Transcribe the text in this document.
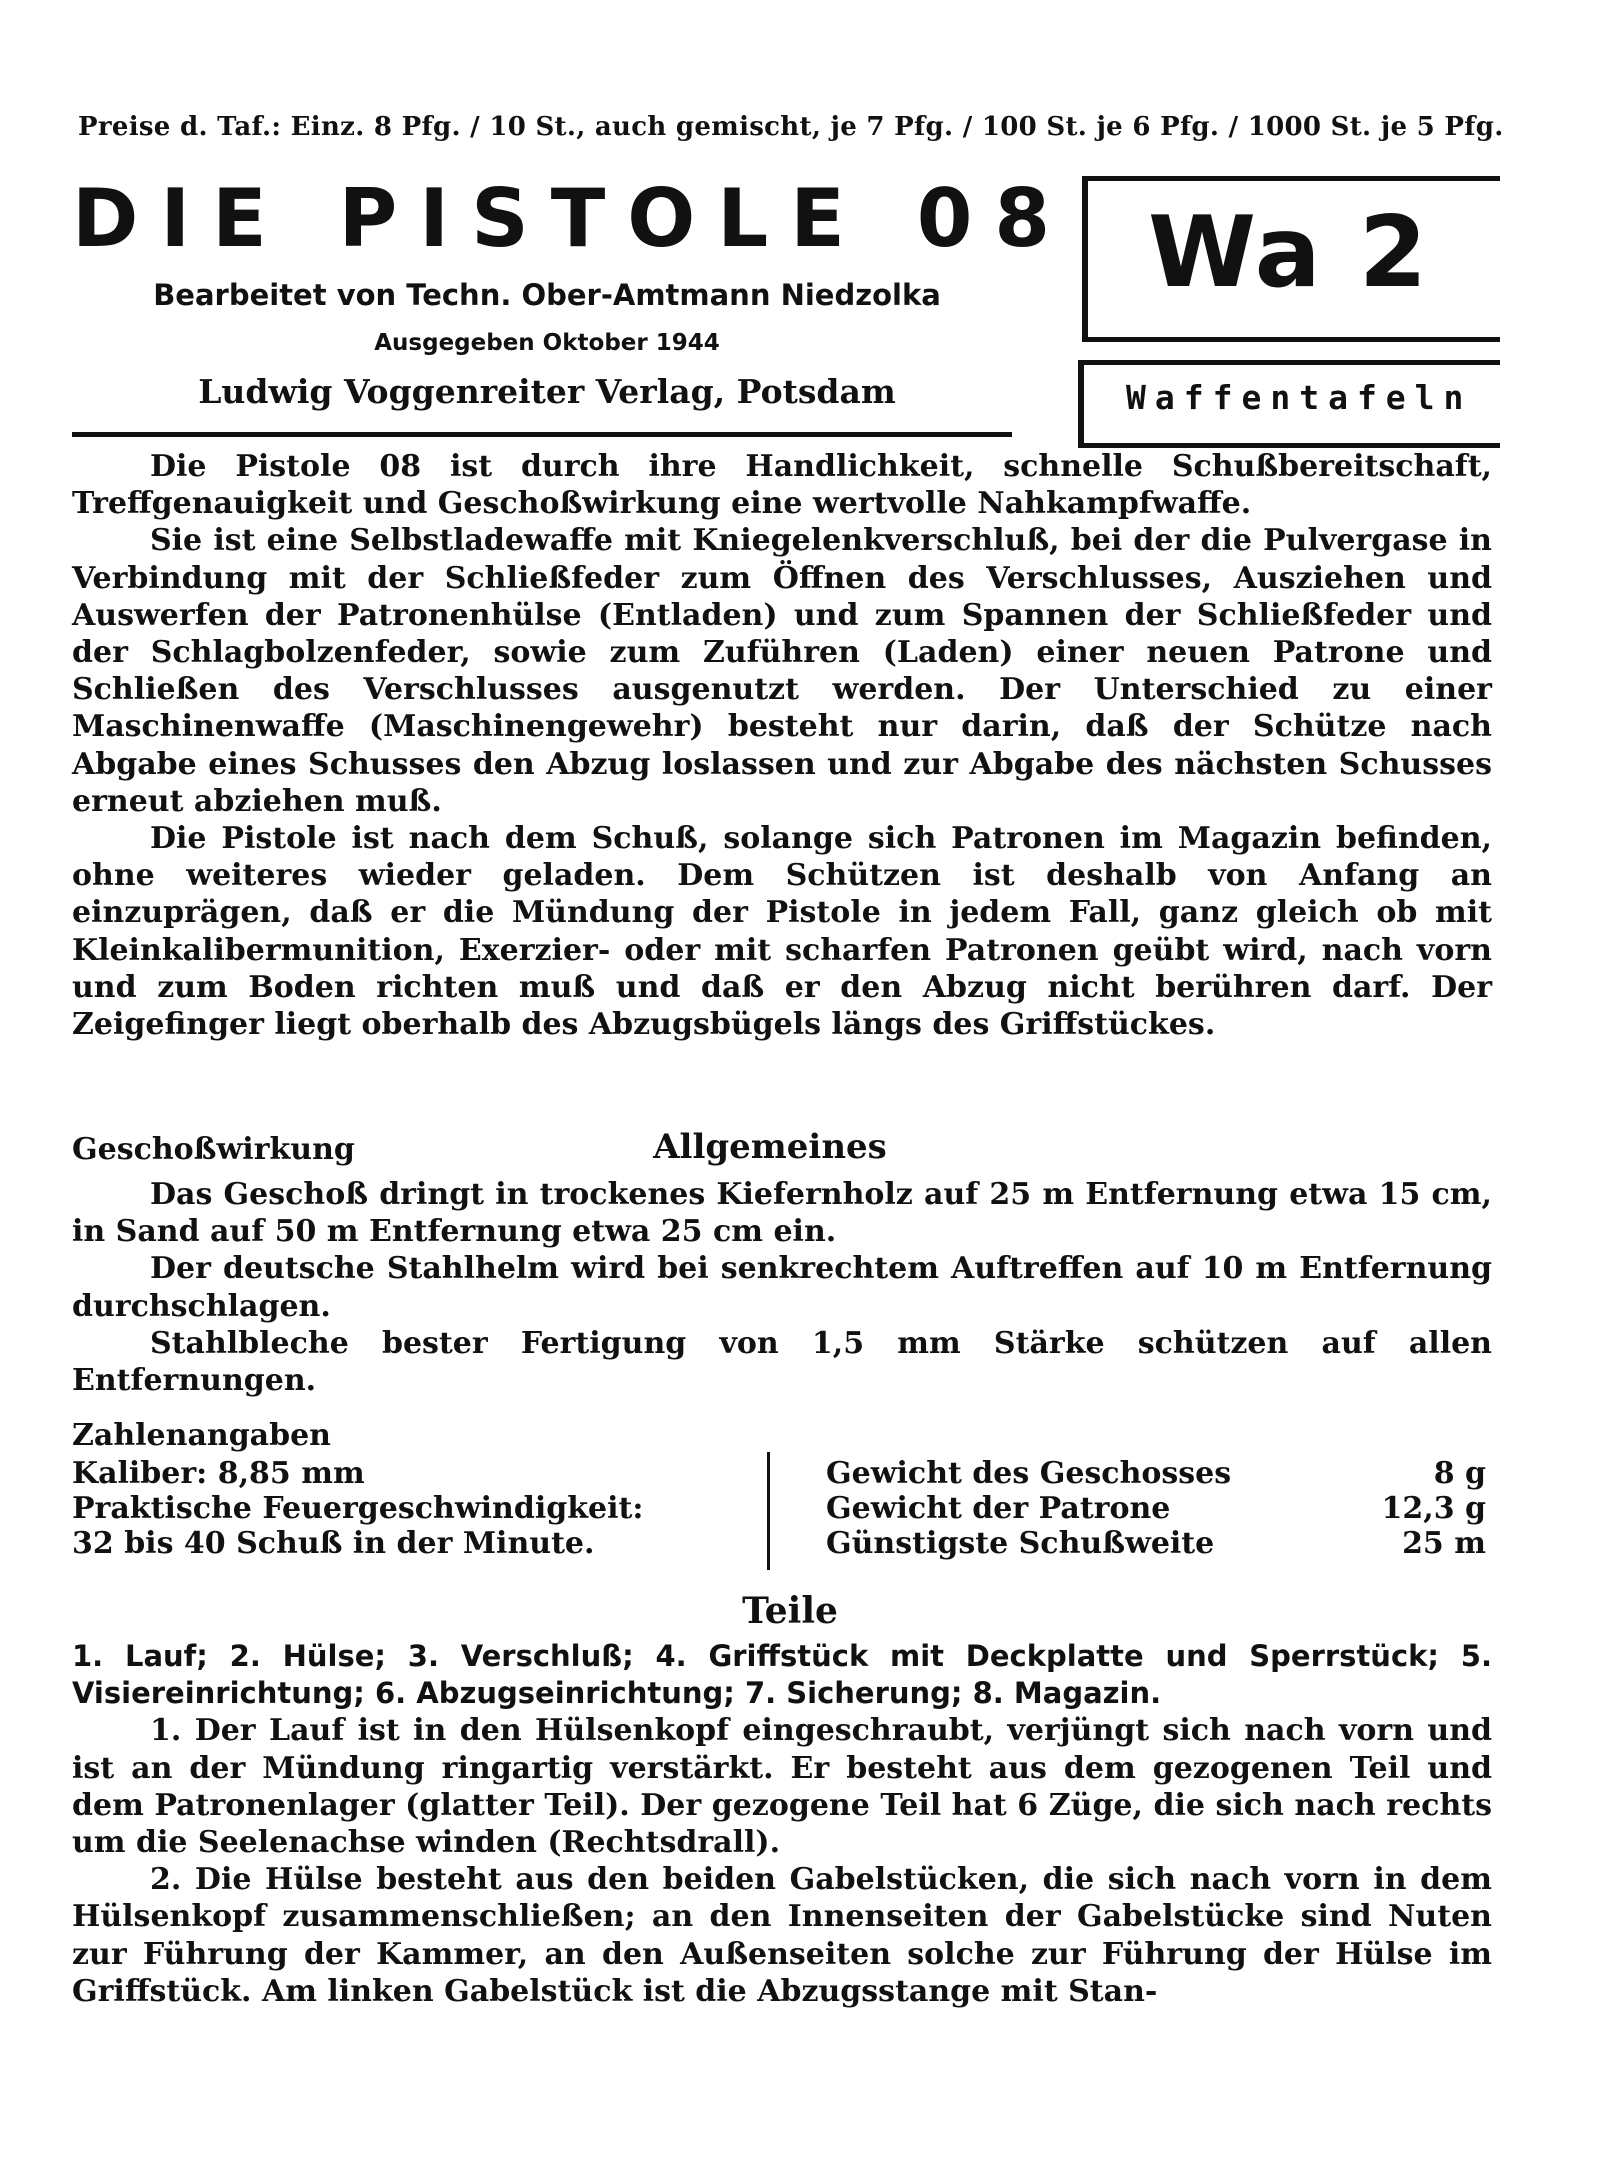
Preise d. Taf.: Einz. 8 Pfg. / 10 St., auch gemischt, je 7 Pfg. / 100 St. je 6 Pfg. / 1000 St. je 5 Pfg.
DIE PISTOLE 08
Bearbeitet von Techn. Ober-Amtmann Niedzolka
Ausgegeben Oktober 1944
Ludwig Voggenreiter Verlag, Potsdam
Wa 2
Waffentafeln

Die Pistole 08 ist durch ihre Handlichkeit, schnelle Schußbereitschaft, Treffgenauigkeit und Geschoßwirkung eine wertvolle Nahkampfwaffe.

Sie ist eine Selbstladewaffe mit Kniegelenkverschluß, bei der die Pulvergase in Verbindung mit der Schließfeder zum Öffnen des Verschlusses, Ausziehen und Auswerfen der Patronenhülse (Entladen) und zum Spannen der Schließfeder und der Schlagbolzenfeder, sowie zum Zuführen (Laden) einer neuen Patrone und Schließen des Verschlusses ausgenutzt werden. Der Unterschied zu einer Maschinenwaffe (Maschinengewehr) besteht nur darin, daß der Schütze nach Abgabe eines Schusses den Abzug loslassen und zur Abgabe des nächsten Schusses erneut abziehen muß.

Die Pistole ist nach dem Schuß, solange sich Patronen im Magazin befinden, ohne weiteres wieder geladen. Dem Schützen ist deshalb von Anfang an einzuprägen, daß er die Mündung der Pistole in jedem Fall, ganz gleich ob mit Kleinkalibermunition, Exerzier- oder mit scharfen Patronen geübt wird, nach vorn und zum Boden richten muß und daß er den Abzug nicht berühren darf. Der Zeigefinger liegt oberhalb des Abzugsbügels längs des Griffstückes.

Geschoßwirkung	Allgemeines

Das Geschoß dringt in trockenes Kiefernholz auf 25 m Entfernung etwa 15 cm, in Sand auf 50 m Entfernung etwa 25 cm ein.

Der deutsche Stahlhelm wird bei senkrechtem Auftreffen auf 10 m Entfernung durchschlagen.

Stahlbleche bester Fertigung von 1,5 mm Stärke schützen auf allen Entfernungen.

Zahlenangaben
Kaliber: 8,85 mm
Praktische Feuergeschwindigkeit:
32 bis 40 Schuß in der Minute.
Gewicht des Geschosses	8 g
Gewicht der Patrone	12,3 g
Günstigste Schußweite	25 m
Teile

1. Lauf; 2. Hülse; 3. Verschluß; 4. Griffstück mit Deckplatte und Sperrstück; 5. Visiereinrichtung; 6. Abzugseinrichtung; 7. Sicherung; 8. Magazin.

1. Der Lauf ist in den Hülsenkopf eingeschraubt, verjüngt sich nach vorn und ist an der Mündung ringartig verstärkt. Er besteht aus dem gezogenen Teil und dem Patronenlager (glatter Teil). Der gezogene Teil hat 6 Züge, die sich nach rechts um die Seelenachse winden (Rechtsdrall).

2. Die Hülse besteht aus den beiden Gabelstücken, die sich nach vorn in dem Hülsenkopf zusammenschließen; an den Innenseiten der Gabelstücke sind Nuten zur Führung der Kammer, an den Außenseiten solche zur Führung der Hülse im Griffstück. Am linken Gabelstück ist die Abzugsstange mit Stan-
